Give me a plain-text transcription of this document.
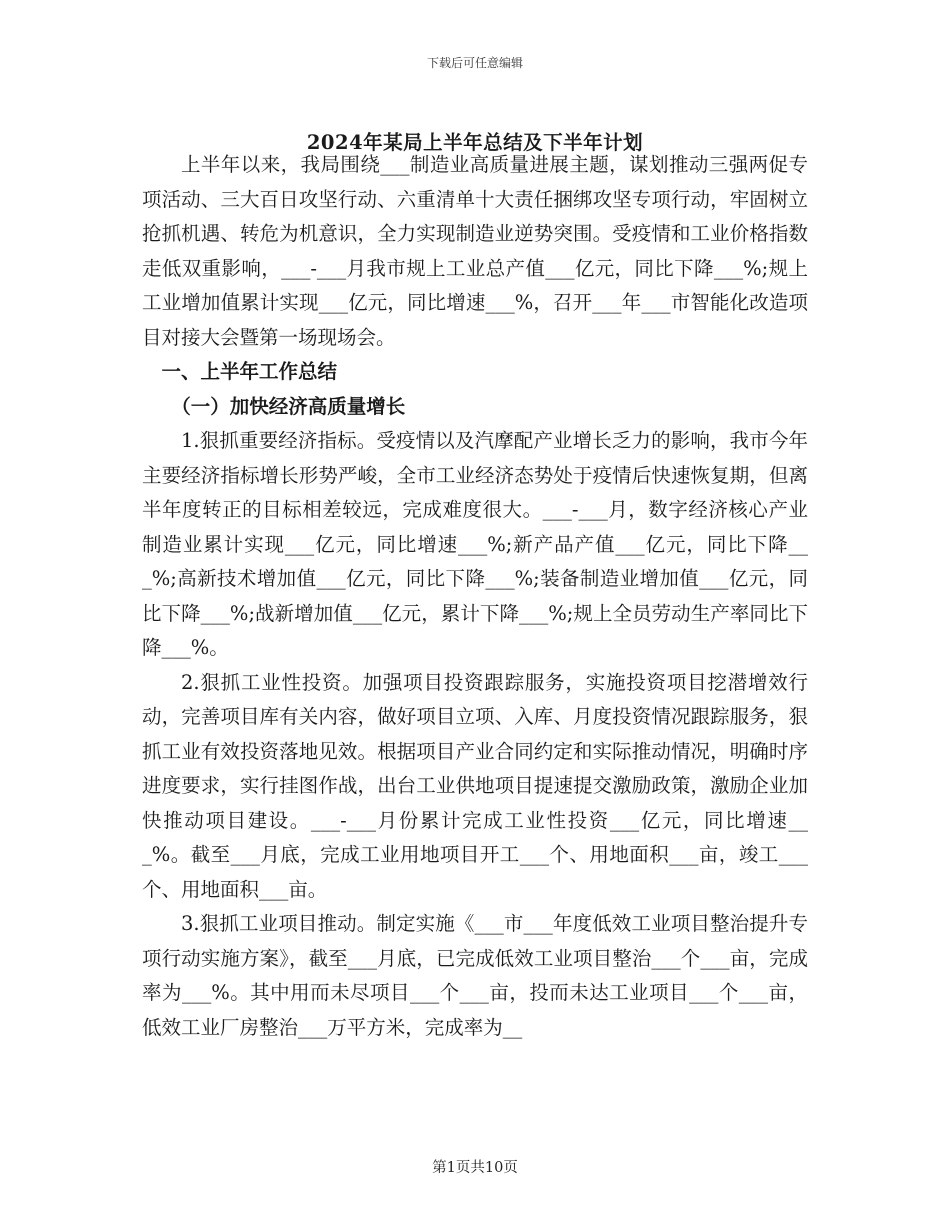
下载后可任意编辑
2024年某局上半年总结及下半年计划

上半年以来，我局围绕___制造业高质量进展主题，谋划推动三强两促专项活动、三大百日攻坚行动、六重清单十大责任捆绑攻坚专项行动，牢固树立抢抓机遇、转危为机意识，全力实现制造业逆势突围。受疫情和工业价格指数走低双重影响，___-___月我市规上工业总产值___亿元，同比下降___%;规上工业增加值累计实现___亿元，同比增速___%，召开___年___市智能化改造项目对接大会暨第一场现场会。

一、上半年工作总结
（一）加快经济高质量增长

1.狠抓重要经济指标。受疫情以及汽摩配产业增长乏力的影响，我市今年主要经济指标增长形势严峻，全市工业经济态势处于疫情后快速恢复期，但离半年度转正的目标相差较远，完成难度很大。___-___月，数字经济核心产业制造业累计实现___亿元，同比增速___%;新产品产值___亿元，同比下降___%;高新技术增加值___亿元，同比下降___%;装备制造业增加值___亿元，同比下降___%;战新增加值___亿元，累计下降___%;规上全员劳动生产率同比下降___%。

2.狠抓工业性投资。加强项目投资跟踪服务，实施投资项目挖潜增效行动，完善项目库有关内容，做好项目立项、入库、月度投资情况跟踪服务，狠抓工业有效投资落地见效。根据项目产业合同约定和实际推动情况，明确时序进度要求，实行挂图作战，出台工业供地项目提速提交激励政策，激励企业加快推动项目建设。___-___月份累计完成工业性投资___亿元，同比增速___%。截至___月底，完成工业用地项目开工___个、用地面积___亩，竣工___个、用地面积___亩。

3.狠抓工业项目推动。制定实施《___市___年度低效工业项目整治提升专项行动实施方案》，截至___月底，已完成低效工业项目整治___个___亩，完成率为___%。其中用而未尽项目___个___亩，投而未达工业项目___个___亩，低效工业厂房整治___万平方米，完成率为__

第1页共10页
